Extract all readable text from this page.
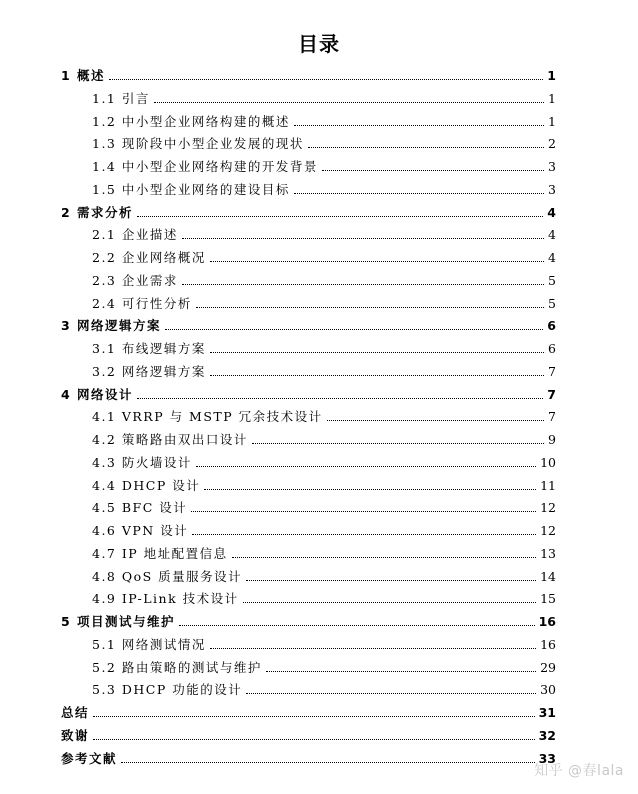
目录
1 概述	1
1.1 引言	1
1.2 中小型企业网络构建的概述	1
1.3 现阶段中小型企业发展的现状	2
1.4 中小型企业网络构建的开发背景	3
1.5 中小型企业网络的建设目标	3
2 需求分析	4
2.1 企业描述	4
2.2 企业网络概况	4
2.3 企业需求	5
2.4 可行性分析	5
3 网络逻辑方案	6
3.1 布线逻辑方案	6
3.2 网络逻辑方案	7
4 网络设计	7
4.1 VRRP 与 MSTP 冗余技术设计	7
4.2 策略路由双出口设计	9
4.3 防火墙设计	10
4.4 DHCP 设计	11
4.5 BFC 设计	12
4.6 VPN 设计	12
4.7 IP 地址配置信息	13
4.8 QoS 质量服务设计	14
4.9 IP-Link 技术设计	15
5 项目测试与维护	16
5.1 网络测试情况	16
5.2 路由策略的测试与维护	29
5.3 DHCP 功能的设计	30
总结	31
致谢	32
参考文献	33
知乎 @春lala
